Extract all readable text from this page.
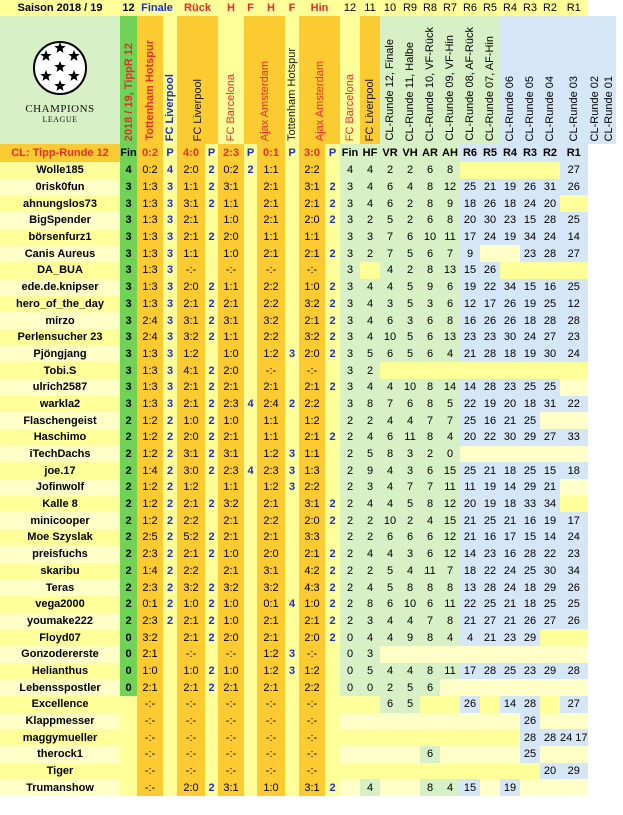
Saison 2018 / 19	12	Finale		Rück		H	F	H	F	Hin		12	11	10	R9	R8	R7	R6	R5	R4	R3	R2	R1		

CHAMPIONS
LEAGUE	2018 / 19, TippR 12	Tottenham Hotspur	FC Liverpool	FC Liverpool		FC Barcelona	Ajax Amsterdam		Tottenham Hotspur	Ajax Amsterdam		FC Barcelona	FC Liverpool	CL-Runde 12, Finale	CL-Runde 11, Halbe	CL-Runde 10, VF-Rück	CL-Runde 09, VF-Hin	CL-Runde 08, AF-Rück	CL-Runde 07, AF-Hin	CL-Runde 06	CL-Runde 05	CL-Runde 04	CL-Runde 03	CL-Runde 02	CL-Runde 01
CL: Tipp-Runde 12	Fin	0:2	P	4:0	P	2:3	P	0:1	P	3:0	P	Fin	HF	VR	VH	AR	AH	R6	R5	R4	R3	R2	R1		
Wolle185	4	0:2	4	2:0	2	0:2	2	1:1		2:2		4	4	2	2	6	8						27		
0risk0fun	3	1:3	3	1:1	2	3:1		2:1		3:1	2	3	4	6	4	8	12	25	21	19	26	31	26		
ahnungslos73	3	1:3	3	3:1	2	1:1		2:1		2:1	2	3	4	6	2	8	9	18	26	18	24	20			
BigSpender	3	1:3	3	2:1		1:0		2:1		2:0	2	3	2	5	2	6	8	20	30	23	15	28	25		
börsenfurz1	3	1:3	3	2:1	2	2:0		1:1		1:1		3	3	7	6	10	11	17	24	19	34	24	14		
Canis Aureus	3	1:3	3	1:1		1:0		2:1		2:1	2	3	2	7	5	6	7	9			23	28	27		
DA_BUA	3	1:3	3	-:-		-:-		-:-		-:-		3		4	2	8	13	15	26						
ede.de.knipser	3	1:3	3	2:0	2	1:1		2:2		1:0	2	3	4	4	5	9	6	19	22	34	15	16	25		
hero_of_the_day	3	1:3	3	2:1	2	2:1		2:2		3:2	2	3	4	3	5	3	6	12	17	26	19	25	12		
mirzo	3	2:4	3	3:1	2	3:1		3:2		2:1	2	3	4	6	3	6	8	16	26	26	18	28	28		
Perlensucher 23	3	2:4	3	3:2	2	1:1		2:2		3:2	2	3	4	10	5	6	13	23	23	30	24	27	23		
Pjöngjang	3	1:3	3	1:2		1:0		1:2	3	2:0	2	3	5	6	5	6	4	21	28	18	19	30	24		
Tobi.S	3	1:3	3	4:1	2	2:0		-:-		-:-		3	2												
ulrich2587	3	1:3	3	2:1	2	2:1		2:1		2:1	2	3	4	4	10	8	14	14	28	23	25	25			
warkla2	3	1:3	3	2:1	2	2:3	4	2:4	2	2:2		3	8	7	6	8	5	22	19	20	18	31	22		
Flaschengeist	2	1:2	2	1:0	2	1:0		1:1		1:2		2	2	4	4	7	7	25	16	21	25				
Haschimo	2	1:2	2	2:0	2	2:1		1:1		2:1	2	2	4	6	11	8	4	20	22	30	29	27	33		
iTechDachs	2	1:2	2	3:1	2	3:1		1:2	3	1:1		2	5	8	3	2	0								
joe.17	2	1:4	2	3:0	2	2:3	4	2:3	3	1:3		2	9	4	3	6	15	25	21	18	25	15	18		
Jofinwolf	2	1:2	2	1:2		1:1		1:2	3	2:2		2	3	4	7	7	11	11	19	14	29	21			
Kalle 8	2	1:2	2	2:1	2	3:2		2:1		3:1	2	2	4	4	5	8	12	20	19	18	33	34			
minicooper	2	1:2	2	2:2		2:1		2:2		2:0	2	2	2	10	2	4	15	21	25	21	16	19	17		
Moe Szyslak	2	2:5	2	5:2	2	2:1		2:1		3:3		2	2	6	6	6	12	21	16	17	15	14	24		
preisfuchs	2	2:3	2	2:1	2	1:0		2:0		2:1	2	2	4	4	3	6	12	14	23	16	28	22	23		
skaribu	2	1:4	2	2:2		2:1		3:1		4:2	2	2	2	5	4	11	7	18	22	24	25	30	34		
Teras	2	2:3	2	3:2	2	3:2		3:2		4:3	2	2	4	5	8	8	8	13	28	24	18	29	26		
vega2000	2	0:1	2	1:0	2	1:0		0:1	4	1:0	2	2	8	6	10	6	11	22	25	21	18	25	25		
youmake222	2	2:3	2	2:1	2	1:0		2:1		2:1	2	2	3	4	4	7	8	21	27	21	26	27	26		
Floyd07	0	3:2		2:1	2	2:0		2:1		2:0	2	0	4	4	9	8	4	4	21	23	29				
Gonzodererste	0	2:1		-:-		-:-		1:2	3	-:-		0	3												
Helianthus	0	1:0		1:0	2	1:0		1:2	3	1:2		0	5	4	4	8	11	17	28	25	23	29	28		
Lebensspostler	0	2:1		2:1	2	2:1		2:1		2:2		0	0	2	5	6									
Excellence		-:-		-:-		-:-		-:-		-:-				6	5			26		14	28		27		
Klappmesser		-:-		-:-		-:-		-:-		-:-											26				
maggymueller		-:-		-:-		-:-		-:-		-:-											28	28	24 17		
therock1		-:-		-:-		-:-		-:-		-:-						6					25				
Tiger		-:-		-:-		-:-		-:-		-:-												20	29		
Trumanshow		-:-		2:0	2	3:1		1:0		3:1	2		4			8	4	15		19					
